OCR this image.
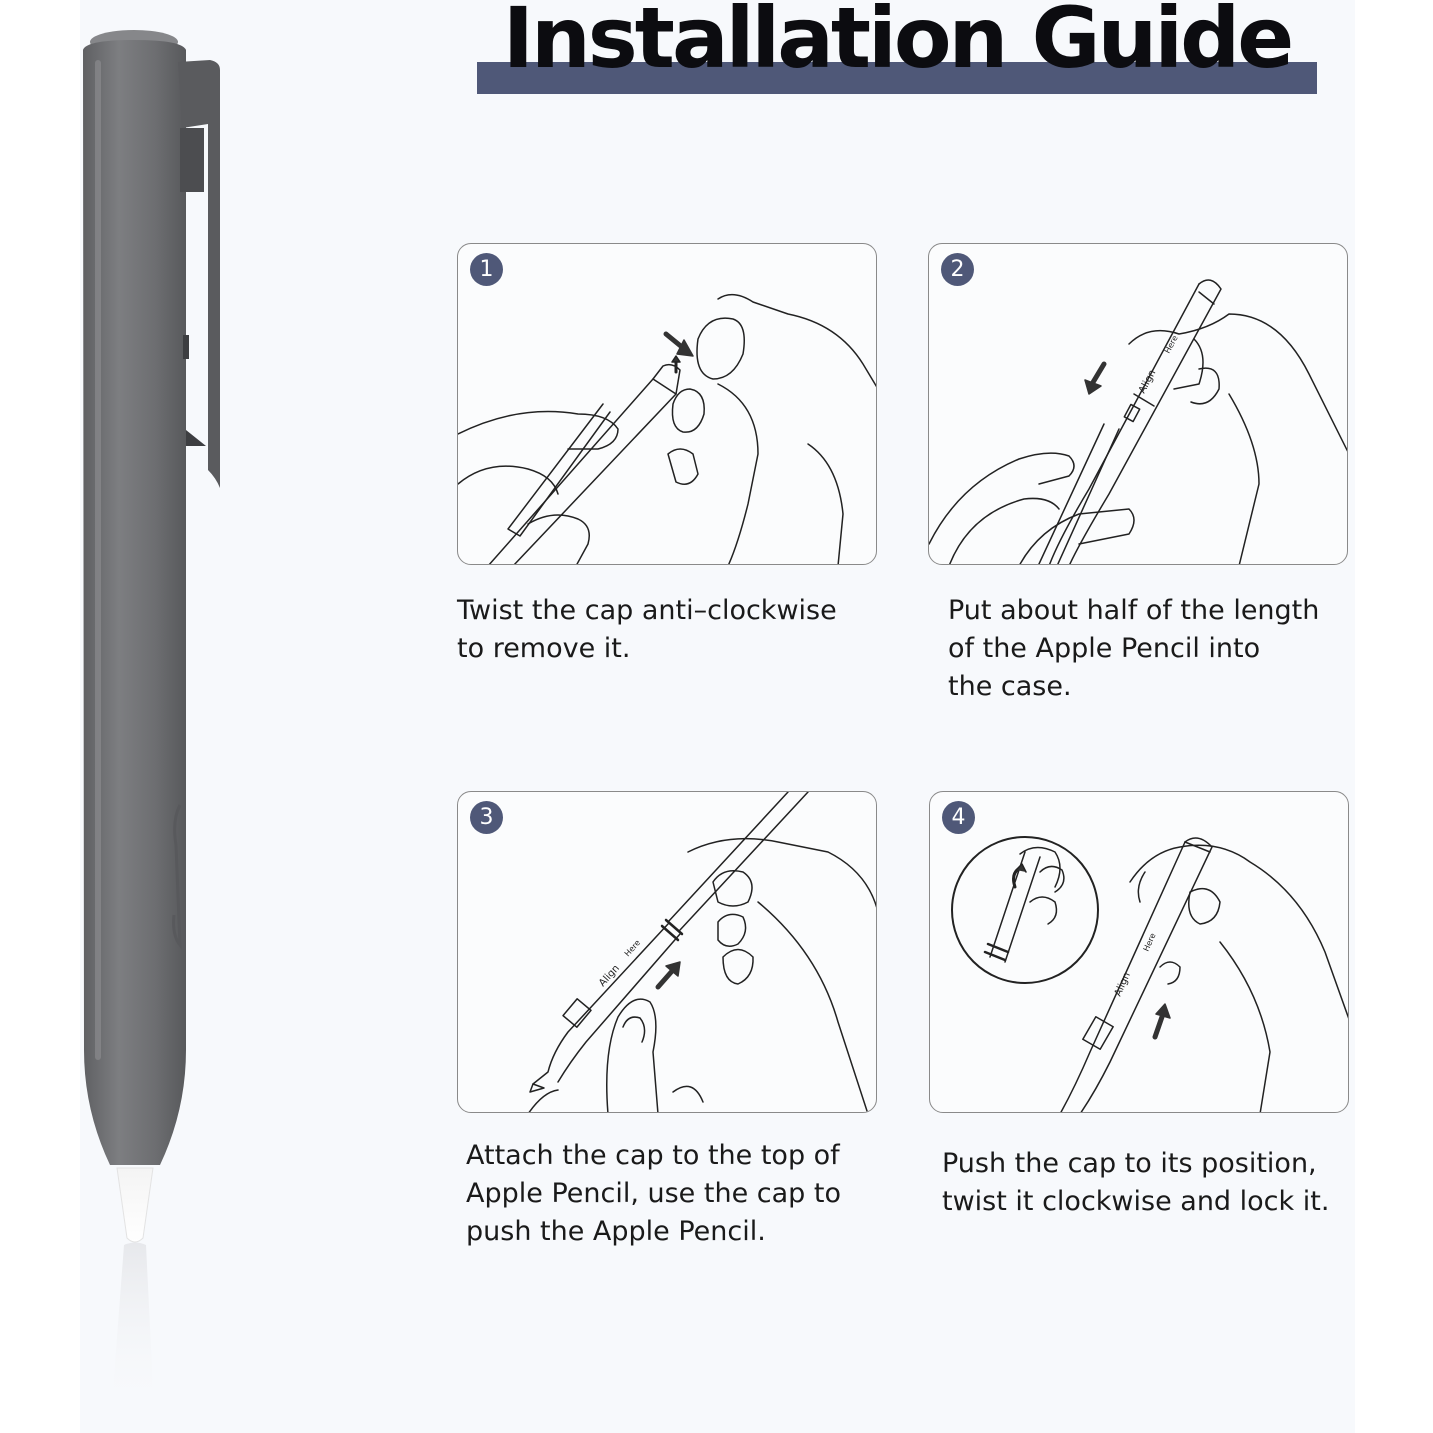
Installation Guide
1
Twist the cap anti–clockwise
to remove it.
Align
Here
2
Put about half of the length
of the Apple Pencil into
the case.
Align
Here
3
Attach the cap to the top of
Apple Pencil, use the cap to
push the Apple Pencil.
Align
Here
4
Push the cap to its position,
twist it clockwise and lock it.
